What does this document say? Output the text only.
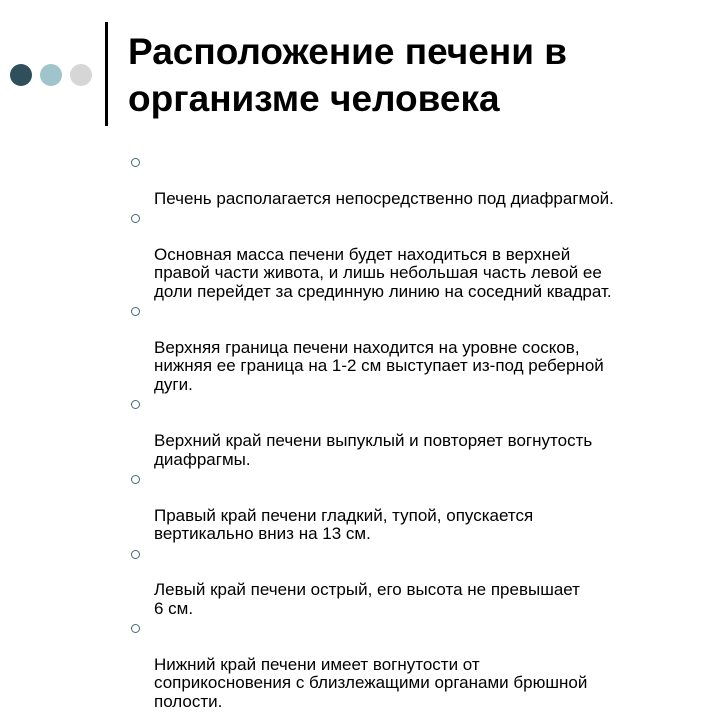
Расположение печени в
организме человека

Печень располагается непосредственно под диафрагмой.

Основная масса печени будет находиться в верхней
правой части живота, и лишь небольшая часть левой ее
доли перейдет за срединную линию на соседний квадрат.

Верхняя граница печени находится на уровне сосков,
нижняя ее граница на 1-2 см выступает из-под реберной
дуги.

Верхний край печени выпуклый и повторяет вогнутость
диафрагмы.

Правый край печени гладкий, тупой, опускается
вертикально вниз на 13 см.

Левый край печени острый, его высота не превышает
6 см.

Нижний край печени имеет вогнутости от
соприкосновения с близлежащими органами брюшной
полости.
